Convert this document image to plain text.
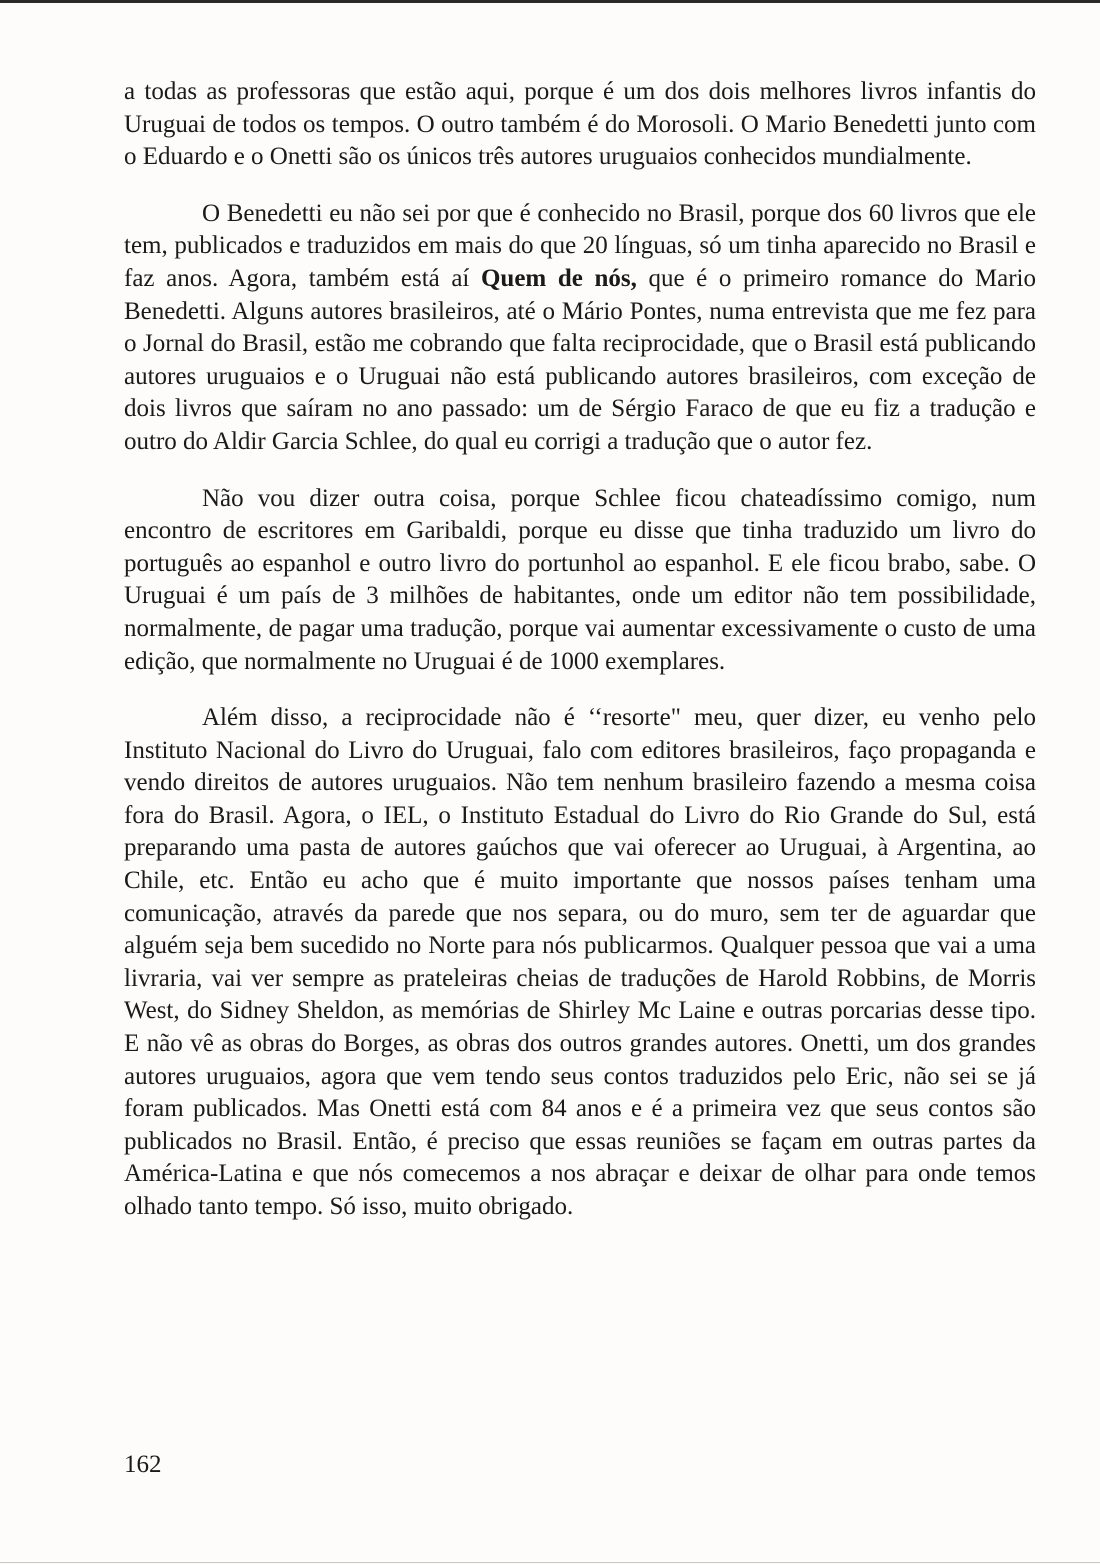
a todas as professoras que estão aqui, porque é um dos dois melhores livros infantis do Uruguai de todos os tempos. O outro também é do Morosoli. O Mario Benedetti junto com o Eduardo e o Onetti são os únicos três autores uruguaios conhecidos mundialmente.

O Benedetti eu não sei por que é conhecido no Brasil, porque dos 60 livros que ele tem, publicados e traduzidos em mais do que 20 línguas, só um tinha aparecido no Brasil e faz anos. Agora, também está aí Quem de nós, que é o primeiro romance do Mario Benedetti. Alguns autores brasileiros, até o Mário Pontes, numa entrevista que me fez para o Jornal do Brasil, estão me cobrando que falta reciprocidade, que o Brasil está publicando autores uruguaios e o Uruguai não está publicando autores brasileiros, com exceção de dois livros que saíram no ano passado: um de Sérgio Faraco de que eu fiz a tradução e outro do Aldir Garcia Schlee, do qual eu corrigi a tradução que o autor fez.

Não vou dizer outra coisa, porque Schlee ficou chateadíssimo comigo, num encontro de escritores em Garibaldi, porque eu disse que tinha traduzido um livro do português ao espanhol e outro livro do portunhol ao espanhol. E ele ficou brabo, sabe. O Uruguai é um país de 3 milhões de habitantes, onde um editor não tem possibilidade, normalmente, de pagar uma tradução, porque vai aumentar excessivamente o custo de uma edição, que normalmente no Uruguai é de 1000 exemplares.

Além disso, a reciprocidade não é ‘‘resorte" meu, quer dizer, eu venho pelo Instituto Nacional do Livro do Uruguai, falo com editores brasileiros, faço propaganda e vendo direitos de autores uruguaios. Não tem nenhum brasileiro fazendo a mesma coisa fora do Brasil. Agora, o IEL, o Instituto Estadual do Livro do Rio Grande do Sul, está preparando uma pasta de autores gaúchos que vai oferecer ao Uruguai, à Argentina, ao Chile, etc. Então eu acho que é muito importante que nossos países tenham uma comunicação, através da parede que nos separa, ou do muro, sem ter de aguardar que alguém seja bem sucedido no Norte para nós publicarmos. Qualquer pessoa que vai a uma livraria, vai ver sempre as prateleiras cheias de traduções de Harold Robbins, de Morris West, do Sidney Sheldon, as memórias de Shirley Mc Laine e outras porcarias desse tipo. E não vê as obras do Borges, as obras dos outros grandes autores. Onetti, um dos grandes autores uruguaios, agora que vem tendo seus contos traduzidos pelo Eric, não sei se já foram publicados. Mas Onetti está com 84 anos e é a primeira vez que seus contos são publicados no Brasil. Então, é preciso que essas reuniões se façam em outras partes da América-Latina e que nós comecemos a nos abraçar e deixar de olhar para onde temos olhado tanto tempo. Só isso, muito obrigado.

162
